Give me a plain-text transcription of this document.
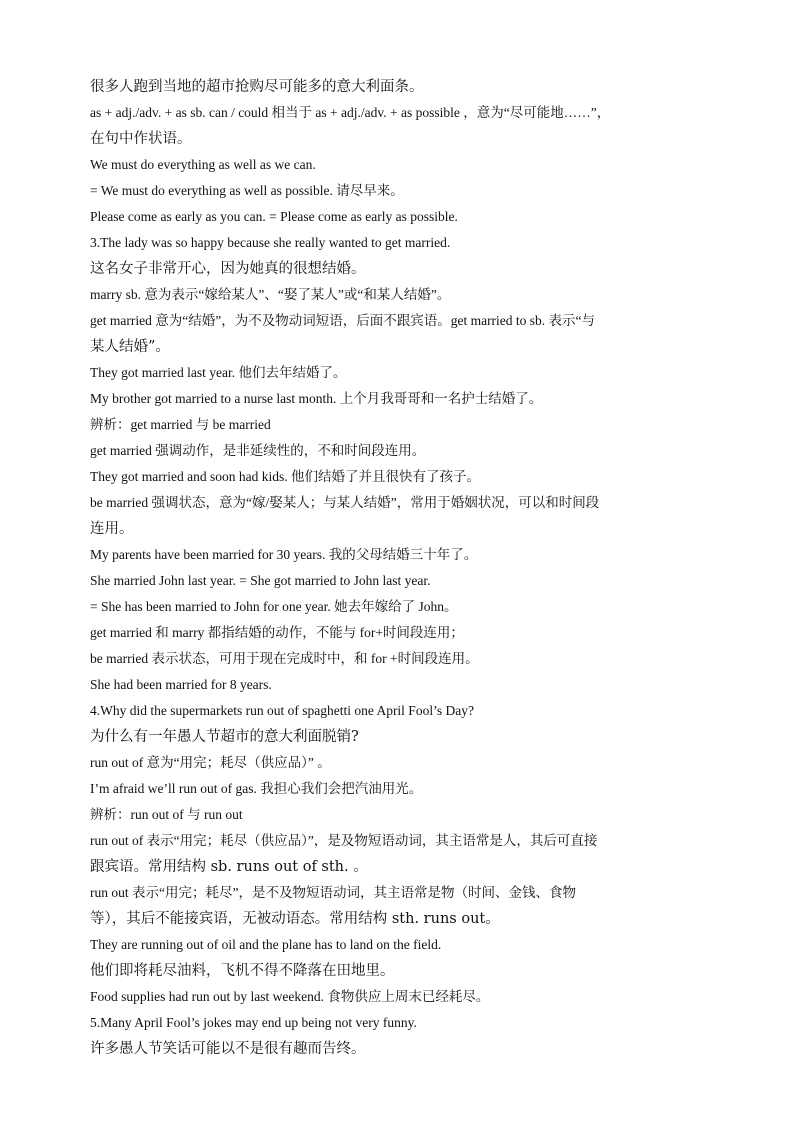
很多人跑到当地的超市抢购尽可能多的意大利面条。

as + adj./adv. + as sb. can / could 相当于 as + adj./adv. + as possible ，意为“尽可能地……”，

在句中作状语。

We must do everything as well as we can.

= We must do everything as well as possible. 请尽早来。

Please come as early as you can. = Please come as early as possible.

3.The lady was so happy because she really wanted to get married.

这名女子非常开心，因为她真的很想结婚。

marry sb. 意为表示“嫁给某人”、“娶了某人”或“和某人结婚”。

get married 意为“结婚”，为不及物动词短语，后面不跟宾语。get married to sb. 表示“与

某人结婚”。

They got married last year. 他们去年结婚了。

My brother got married to a nurse last month. 上个月我哥哥和一名护士结婚了。

辨析：get married 与 be married

get married 强调动作，是非延续性的，不和时间段连用。

They got married and soon had kids. 他们结婚了并且很快有了孩子。

be married 强调状态，意为“嫁/娶某人；与某人结婚”，常用于婚姻状况，可以和时间段

连用。

My parents have been married for 30 years. 我的父母结婚三十年了。

She married John last year. = She got married to John last year.

= She has been married to John for one year. 她去年嫁给了 John。

get married 和 marry 都指结婚的动作，不能与 for+时间段连用；

be married 表示状态，可用于现在完成时中，和 for +时间段连用。

She had been married for 8 years.

4.Why did the supermarkets run out of spaghetti one April Fool’s Day?

为什么有一年愚人节超市的意大利面脱销?

run out of 意为“用完；耗尽（供应品）” 。

I’m afraid we’ll run out of gas. 我担心我们会把汽油用光。

辨析：run out of 与 run out

run out of 表示“用完；耗尽（供应品）”，是及物短语动词，其主语常是人，其后可直接

跟宾语。常用结构 sb. runs out of sth. 。

run out 表示“用完；耗尽”，是不及物短语动词，其主语常是物（时间、金钱、食物

等），其后不能接宾语，无被动语态。常用结构 sth. runs out。

They are running out of oil and the plane has to land on the field.

他们即将耗尽油料，飞机不得不降落在田地里。

Food supplies had run out by last weekend. 食物供应上周末已经耗尽。

5.Many April Fool’s jokes may end up being not very funny.

许多愚人节笑话可能以不是很有趣而告终。
